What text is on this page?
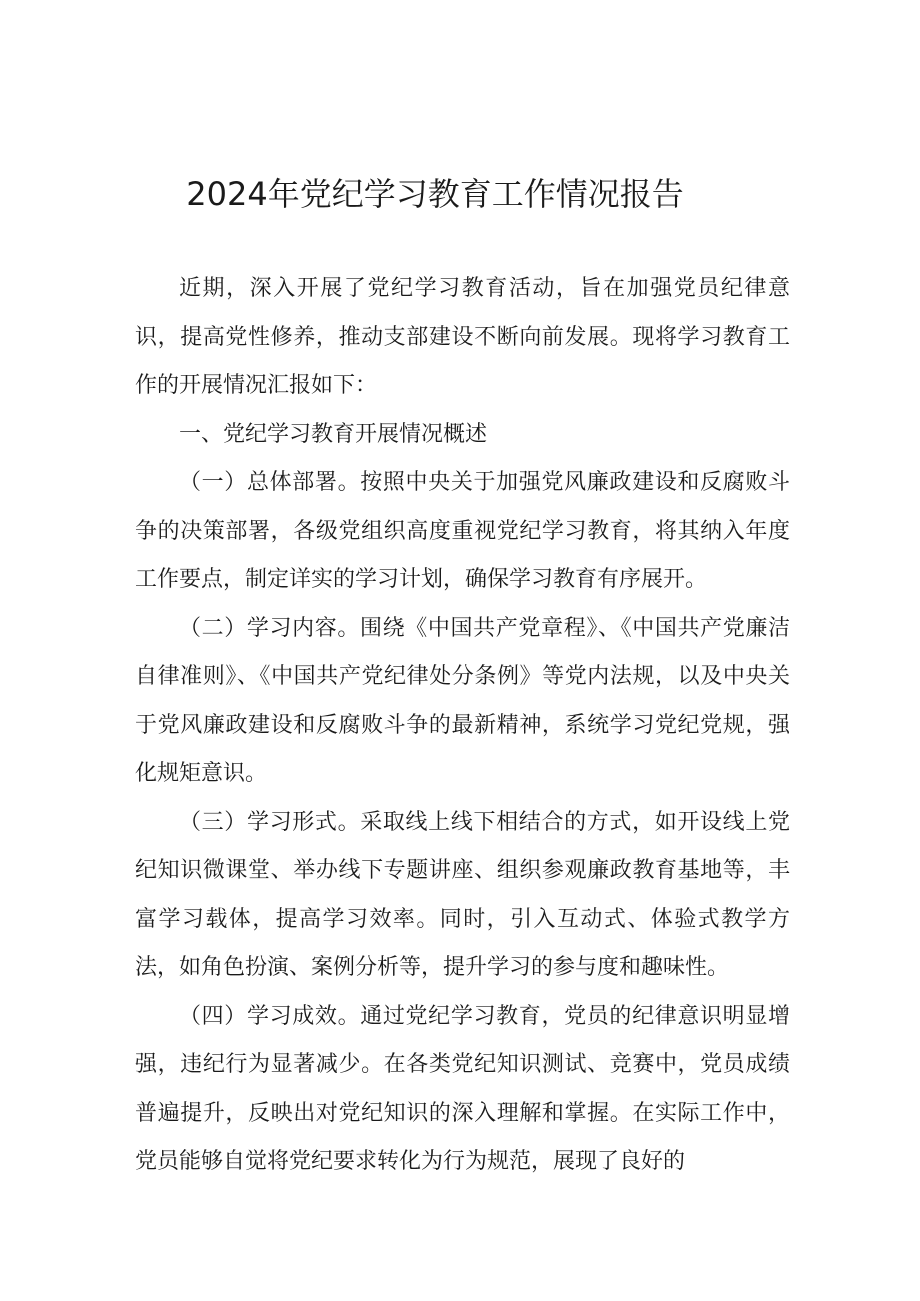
2024年党纪学习教育工作情况报告

近期，深入开展了党纪学习教育活动，旨在加强党员纪律意识，提高党性修养，推动支部建设不断向前发展。现将学习教育工作的开展情况汇报如下：

一、党纪学习教育开展情况概述

（一）总体部署。按照中央关于加强党风廉政建设和反腐败斗争的决策部署，各级党组织高度重视党纪学习教育，将其纳入年度工作要点，制定详实的学习计划，确保学习教育有序展开。

（二）学习内容。围绕《中国共产党章程》、《中国共产党廉洁自律准则》、《中国共产党纪律处分条例》等党内法规，以及中央关于党风廉政建设和反腐败斗争的最新精神，系统学习党纪党规，强化规矩意识。

（三）学习形式。采取线上线下相结合的方式，如开设线上党纪知识微课堂、举办线下专题讲座、组织参观廉政教育基地等，丰富学习载体，提高学习效率。同时，引入互动式、体验式教学方法，如角色扮演、案例分析等，提升学习的参与度和趣味性。

（四）学习成效。通过党纪学习教育，党员的纪律意识明显增强，违纪行为显著减少。在各类党纪知识测试、竞赛中，党员成绩普遍提升，反映出对党纪知识的深入理解和掌握。在实际工作中，党员能够自觉将党纪要求转化为行为规范，展现了良好的
